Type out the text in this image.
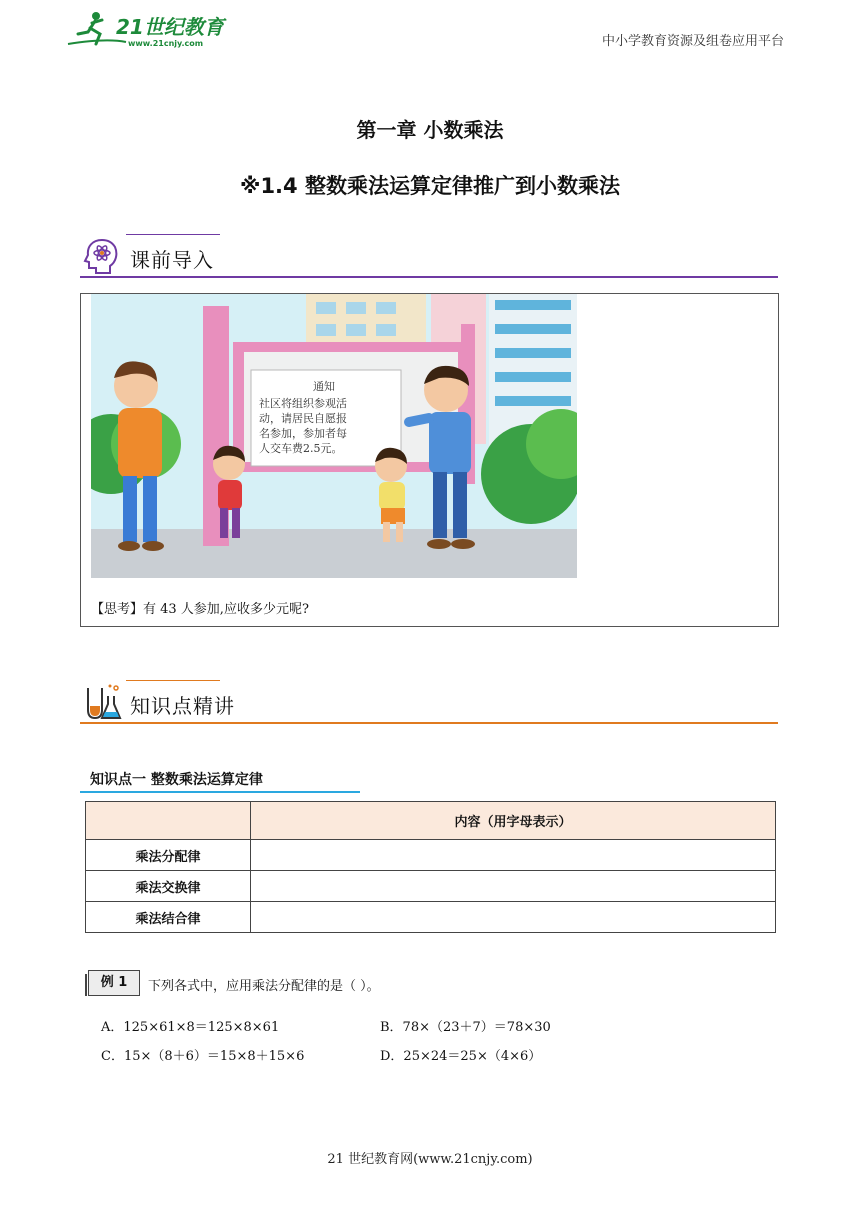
21世纪教育
www.21cnjy.com	中小学教育资源及组卷应用平台
第一章 小数乘法
※1.4 整数乘法运算定律推广到小数乘法
课前导入
通知
社区将组织参观活
动，请居民自愿报
名参加，参加者每
人交车费2.5元。
【思考】有 43 人参加,应收多少元呢?
知识点精讲
知识点一 整数乘法运算定律
	内容（用字母表示）
乘法分配律	
乘法交换律	
乘法结合律	
例 1	下列各式中，应用乘法分配律的是（ ）。
A．125×61×8＝125×8×61	B．78×（23＋7）＝78×30
C．15×（8＋6）＝15×8＋15×6	D．25×24＝25×（4×6）
21 世纪教育网(www.21cnjy.com)
